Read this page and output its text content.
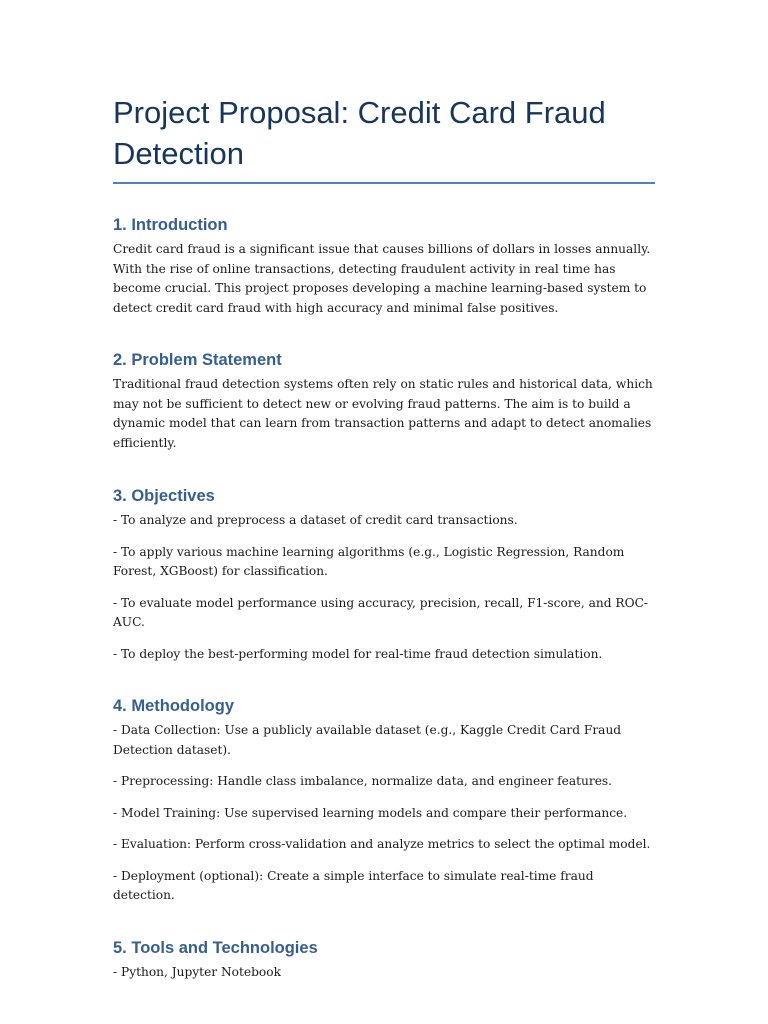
Project Proposal: Credit Card Fraud Detection
1. Introduction

Credit card fraud is a significant issue that causes billions of dollars in losses annually. With the rise of online transactions, detecting fraudulent activity in real time has become crucial. This project proposes developing a machine learning-based system to detect credit card fraud with high accuracy and minimal false positives.

2. Problem Statement

Traditional fraud detection systems often rely on static rules and historical data, which may not be sufficient to detect new or evolving fraud patterns. The aim is to build a dynamic model that can learn from transaction patterns and adapt to detect anomalies efficiently.

3. Objectives

- To analyze and preprocess a dataset of credit card transactions.

- To apply various machine learning algorithms (e.g., Logistic Regression, Random Forest, XGBoost) for classification.

- To evaluate model performance using accuracy, precision, recall, F1-score, and ROC-AUC.

- To deploy the best-performing model for real-time fraud detection simulation.

4. Methodology

- Data Collection: Use a publicly available dataset (e.g., Kaggle Credit Card Fraud Detection dataset).

- Preprocessing: Handle class imbalance, normalize data, and engineer features.

- Model Training: Use supervised learning models and compare their performance.

- Evaluation: Perform cross-validation and analyze metrics to select the optimal model.

- Deployment (optional): Create a simple interface to simulate real-time fraud detection.

5. Tools and Technologies

- Python, Jupyter Notebook
